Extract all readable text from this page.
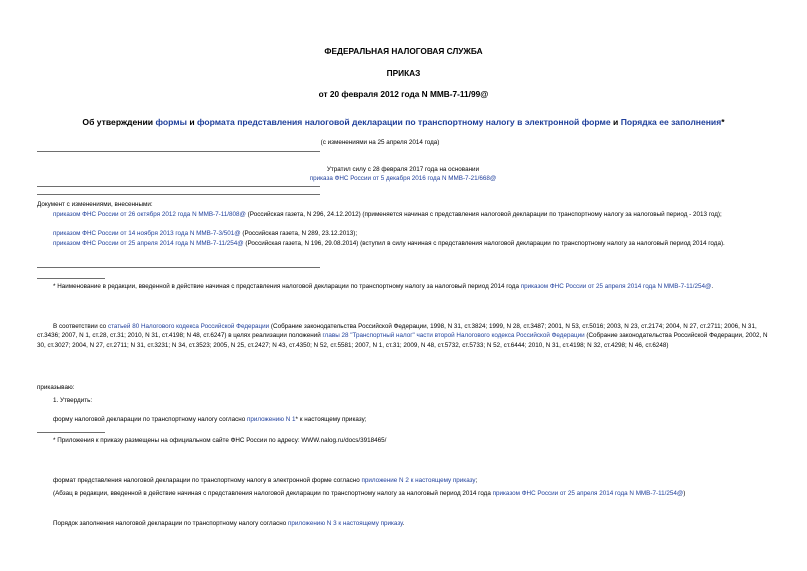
ФЕДЕРАЛЬНАЯ НАЛОГОВАЯ СЛУЖБА
ПРИКАЗ
от 20 февраля 2012 года N ММВ-7-11/99@
Об утверждении формы и формата представления налоговой декларации по транспортному налогу в электронной форме и Порядка ее заполнения*
(с изменениями на 25 апреля 2014 года)
Утратил силу с 28 февраля 2017 года на основании
приказа ФНС России от 5 декабря 2016 года N ММВ-7-21/668@
Документ с изменениями, внесенными:
приказом ФНС России от 26 октября 2012 года N ММВ-7-11/808@ (Российская газета, N 296, 24.12.2012) (применяется начиная с представления налоговой декларации по транспортному налогу за налоговый период - 2013 год);
приказом ФНС России от 14 ноября 2013 года N ММВ-7-3/501@ (Российская газета, N 289, 23.12.2013);
приказом ФНС России от 25 апреля 2014 года N ММВ-7-11/254@ (Российская газета, N 196, 29.08.2014) (вступил в силу начиная с представления налоговой декларации по транспортному налогу за налоговый период 2014 года).
* Наименование в редакции, введенной в действие начиная с представления налоговой декларации по транспортному налогу за налоговый период 2014 года приказом ФНС России от 25 апреля 2014 года N ММВ-7-11/254@.
В соответствии со статьей 80 Налогового кодекса Российской Федерации (Собрание законодательства Российской Федерации, 1998, N 31, ст.3824; 1999, N 28, ст.3487; 2001, N 53, ст.5016; 2003, N 23, ст.2174; 2004, N 27, ст.2711; 2006, N 31, ст.3436; 2007, N 1, ст.28, ст.31; 2010, N 31, ст.4198; N 48, ст.6247) в целях реализации положений главы 28 "Транспортный налог" части второй Налогового кодекса Российской Федерации (Собрание законодательства Российской Федерации, 2002, N 30, ст.3027; 2004, N 27, ст.2711; N 31, ст.3231; N 34, ст.3523; 2005, N 25, ст.2427; N 43, ст.4350; N 52, ст.5581; 2007, N 1, ст.31; 2009, N 48, ст.5732, ст.5733; N 52, ст.6444; 2010, N 31, ст.4198; N 32, ст.4298; N 46, ст.6248)
приказываю:
1. Утвердить:
форму налоговой декларации по транспортному налогу согласно приложению N 1* к настоящему приказу;
* Приложения к приказу размещены на официальном сайте ФНС России по адресу: WWW.nalog.ru/docs/3918465/
формат представления налоговой декларации по транспортному налогу в электронной форме согласно приложение N 2 к настоящему приказу;
(Абзац в редакции, введенной в действие начиная с представления налоговой декларации по транспортному налогу за налоговый период 2014 года приказом ФНС России от 25 апреля 2014 года N ММВ-7-11/254@)
Порядок заполнения налоговой декларации по транспортному налогу согласно приложению N 3 к настоящему приказу.
